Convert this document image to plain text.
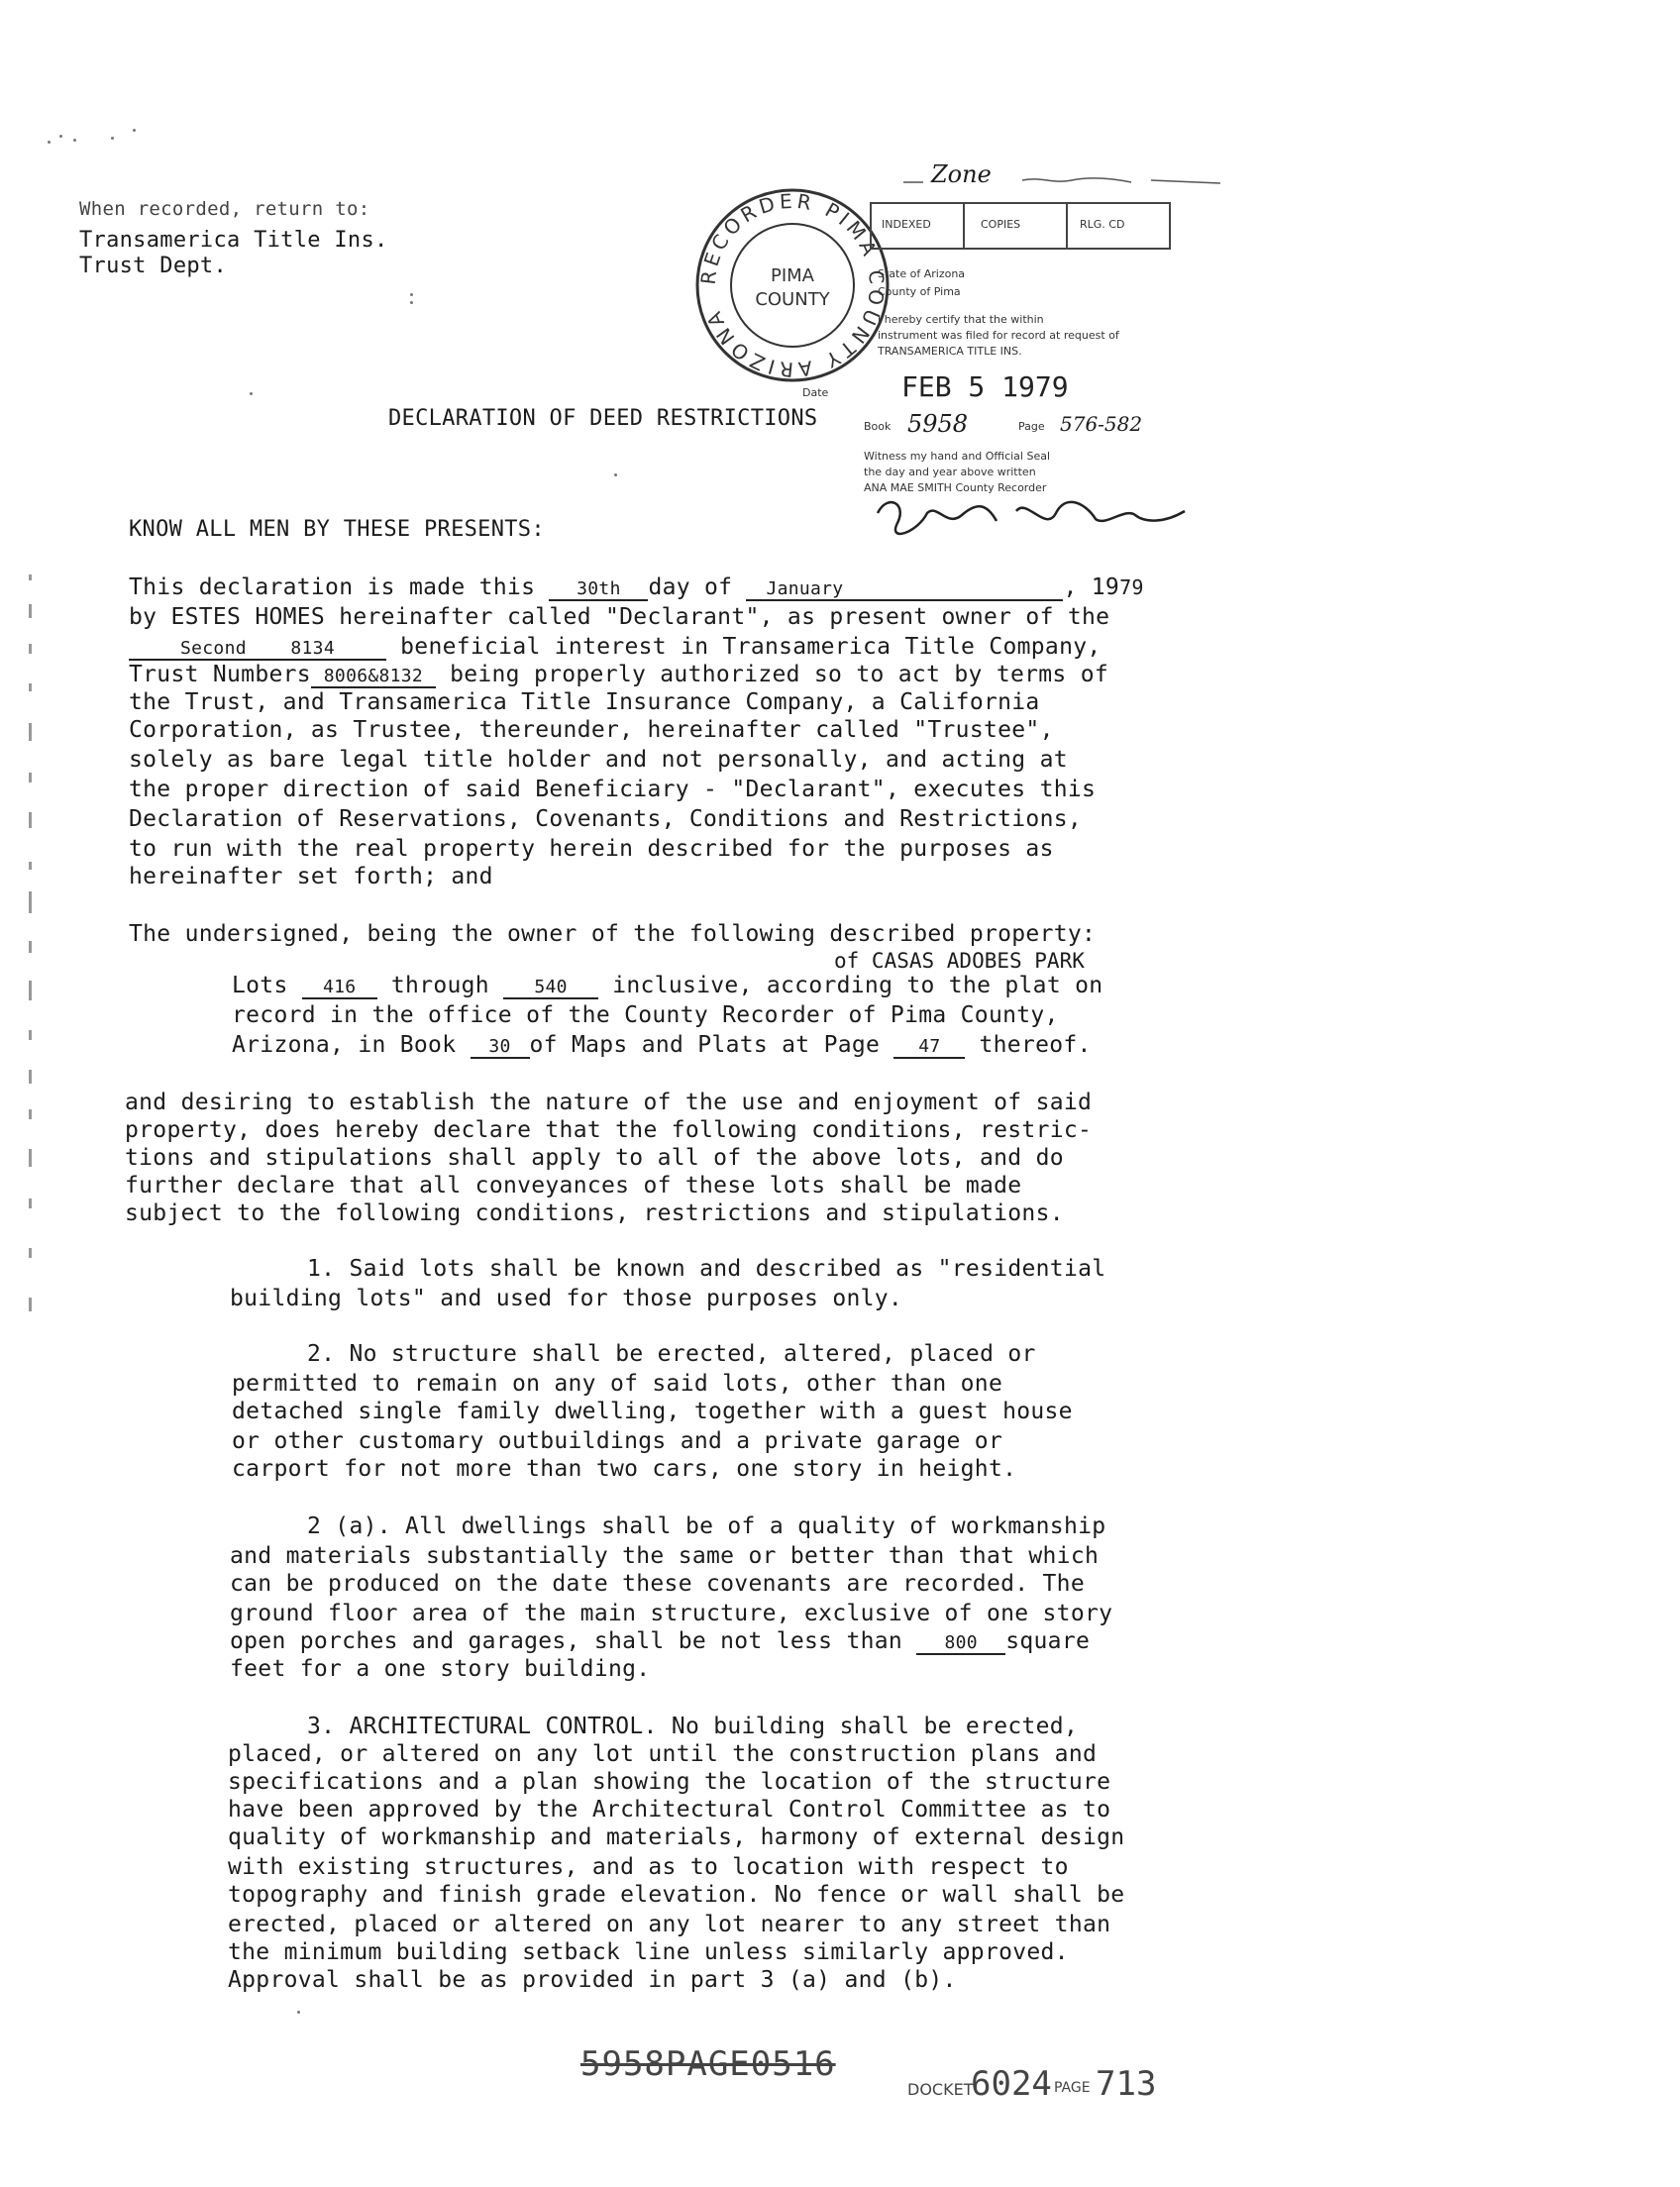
When recorded, return to:
Transamerica Title Ins.
Trust Dept.
Zone
RECORDER PIMA COUNTY ARIZONA
PIMA
COUNTY
INDEXED	COPIES	RLG. CD
State of Arizona
County of Pima
I hereby certify that the within
instrument was filed for record at request of
TRANSAMERICA TITLE INS.
Date	FEB 5 1979
Book 5958	Page 576-582
Witness my hand and Official Seal
the day and year above written
ANA MAE SMITH County Recorder
DECLARATION OF DEED RESTRICTIONS
KNOW ALL MEN BY THESE PRESENTS:
This declaration is made this 30th day of January	, 1979
by ESTES HOMES hereinafter called "Declarant", as present owner of the
Second 8134	beneficial interest in Transamerica Title Company,
Trust Numbers 8006&8132 being properly authorized so to act by terms of
the Trust, and Transamerica Title Insurance Company, a California
Corporation, as Trustee, thereunder, hereinafter called "Trustee",
solely as bare legal title holder and not personally, and acting at
the proper direction of said Beneficiary - "Declarant", executes this
Declaration of Reservations, Covenants, Conditions and Restrictions,
to run with the real property herein described for the purposes as
hereinafter set forth; and
The undersigned, being the owner of the following described property:
of CASAS ADOBES PARK
Lots 416 through	540 inclusive, according to the plat on
record in the office of the County Recorder of Pima County,
Arizona, in Book 30 of Maps and Plats at Page 47 thereof.
and desiring to establish the nature of the use and enjoyment of said
property, does hereby declare that the following conditions, restric-
tions and stipulations shall apply to all of the above lots, and do
further declare that all conveyances of these lots shall be made
subject to the following conditions, restrictions and stipulations.
1. Said lots shall be known and described as "residential
building lots" and used for those purposes only.
2. No structure shall be erected, altered, placed or
permitted to remain on any of said lots, other than one
detached single family dwelling, together with a guest house
or other customary outbuildings and a private garage or
carport for not more than two cars, one story in height.
2 (a). All dwellings shall be of a quality of workmanship
and materials substantially the same or better than that which
can be produced on the date these covenants are recorded. The
ground floor area of the main structure, exclusive of one story
open porches and garages, shall be not less than 800 square
feet for a one story building.
3. ARCHITECTURAL CONTROL. No building shall be erected,
placed, or altered on any lot until the construction plans and
specifications and a plan showing the location of the structure
have been approved by the Architectural Control Committee as to
quality of workmanship and materials, harmony of external design
with existing structures, and as to location with respect to
topography and finish grade elevation. No fence or wall shall be
erected, placed or altered on any lot nearer to any street than
the minimum building setback line unless similarly approved.
Approval shall be as provided in part 3 (a) and (b).
5958PAGE0516
DOCKET
6024 PAGE 713
